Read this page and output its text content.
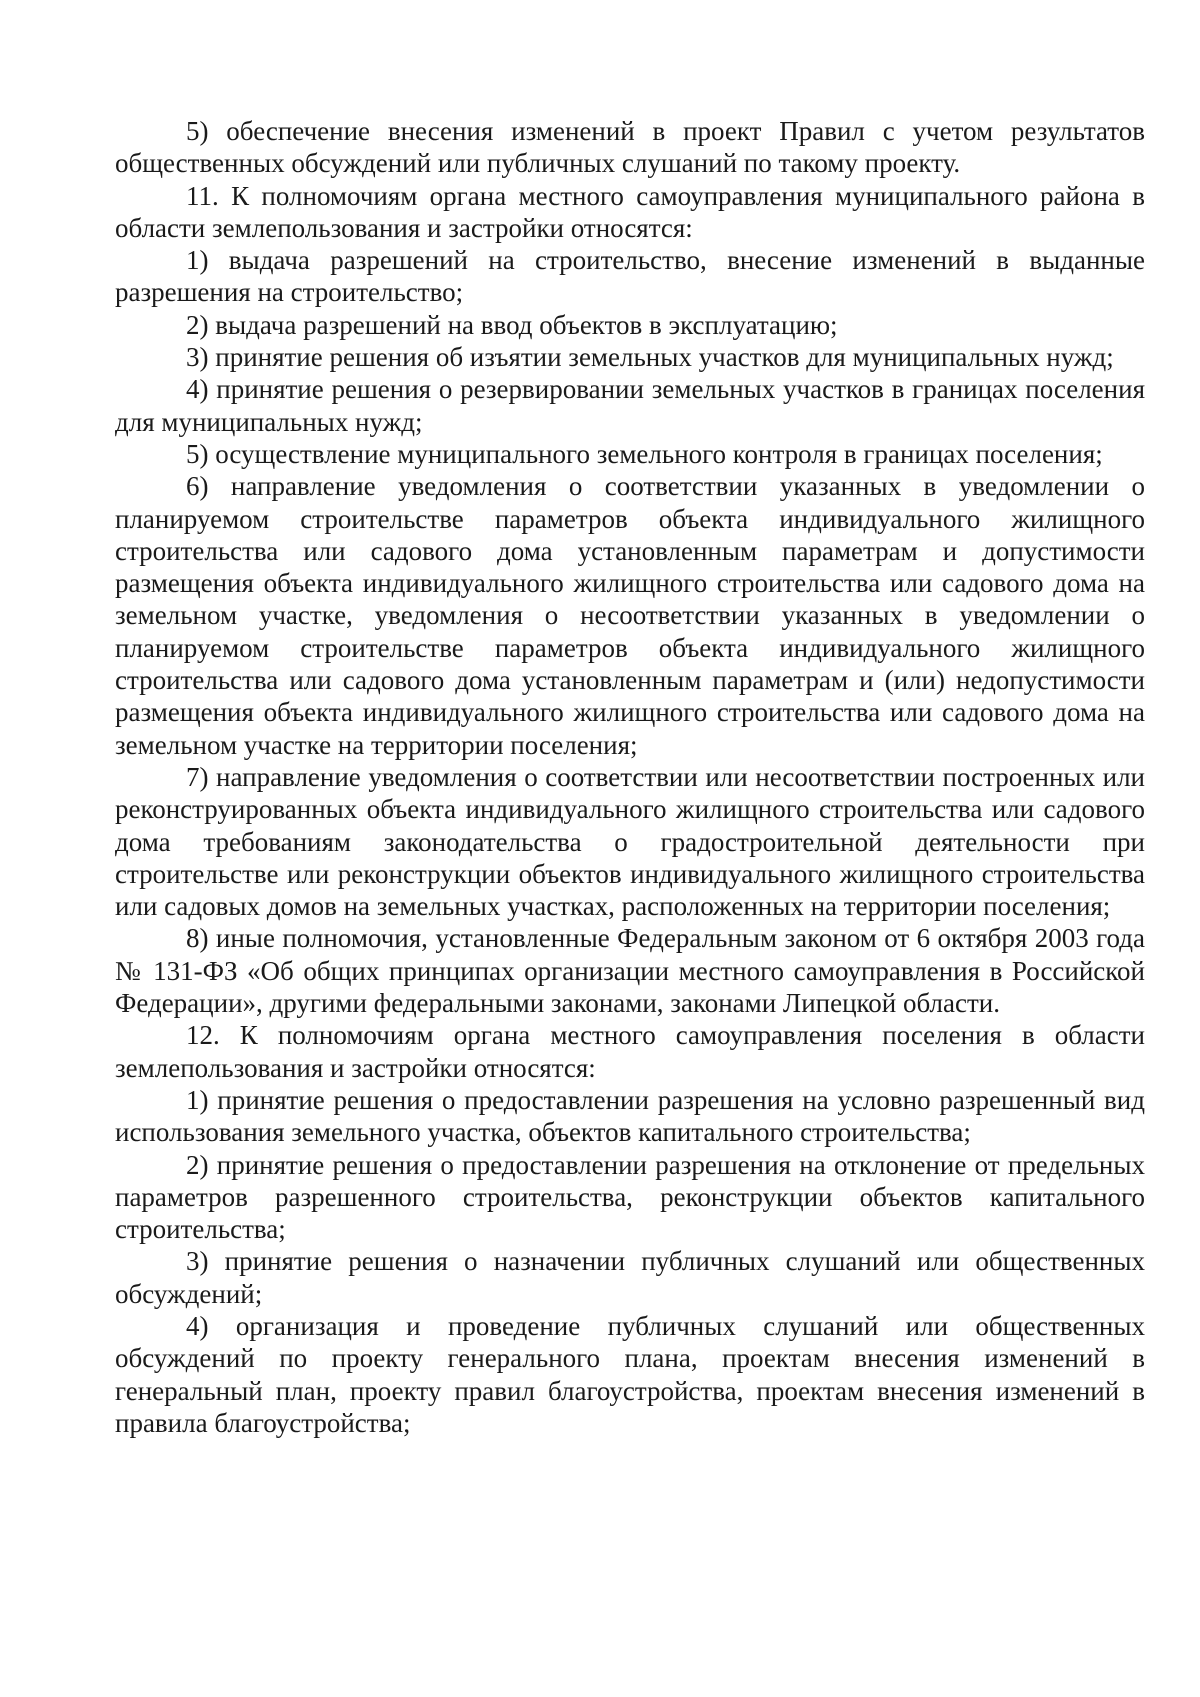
5) обеспечение внесения изменений в проект Правил с учетом результатов общественных обсуждений или публичных слушаний по такому проекту.

11. К полномочиям органа местного самоуправления муниципального района в области землепользования и застройки относятся:

1) выдача разрешений на строительство, внесение изменений в выданные разрешения на строительство;

2) выдача разрешений на ввод объектов в эксплуатацию;

3) принятие решения об изъятии земельных участков для муниципальных нужд;

4) принятие решения о резервировании земельных участков в границах поселения для муниципальных нужд;

5) осуществление муниципального земельного контроля в границах поселения;

6) направление уведомления о соответствии указанных в уведомлении о планируемом строительстве параметров объекта индивидуального жилищного строительства или садового дома установленным параметрам и допустимости размещения объекта индивидуального жилищного строительства или садового дома на земельном участке, уведомления о несоответствии указанных в уведомлении о планируемом строительстве параметров объекта индивидуального жилищного строительства или садового дома установленным параметрам и (или) недопустимости размещения объекта индивидуального жилищного строительства или садового дома на земельном участке на территории поселения;

7) направление уведомления о соответствии или несоответствии построенных или реконструированных объекта индивидуального жилищного строительства или садового дома требованиям законодательства о градостроительной деятельности при строительстве или реконструкции объектов индивидуального жилищного строительства или садовых домов на земельных участках, расположенных на территории поселения;

8) иные полномочия, установленные Федеральным законом от 6 октября 2003 года № 131-ФЗ «Об общих принципах организации местного самоуправления в Российской Федерации», другими федеральными законами, законами Липецкой области.

12. К полномочиям органа местного самоуправления поселения в области землепользования и застройки относятся:

1) принятие решения о предоставлении разрешения на условно разрешенный вид использования земельного участка, объектов капитального строительства;

2) принятие решения о предоставлении разрешения на отклонение от предельных параметров разрешенного строительства, реконструкции объектов капитального строительства;

3) принятие решения о назначении публичных слушаний или общественных обсуждений;

4) организация и проведение публичных слушаний или общественных обсуждений по проекту генерального плана, проектам внесения изменений в генеральный план, проекту правил благоустройства, проектам внесения изменений в правила благоустройства;
